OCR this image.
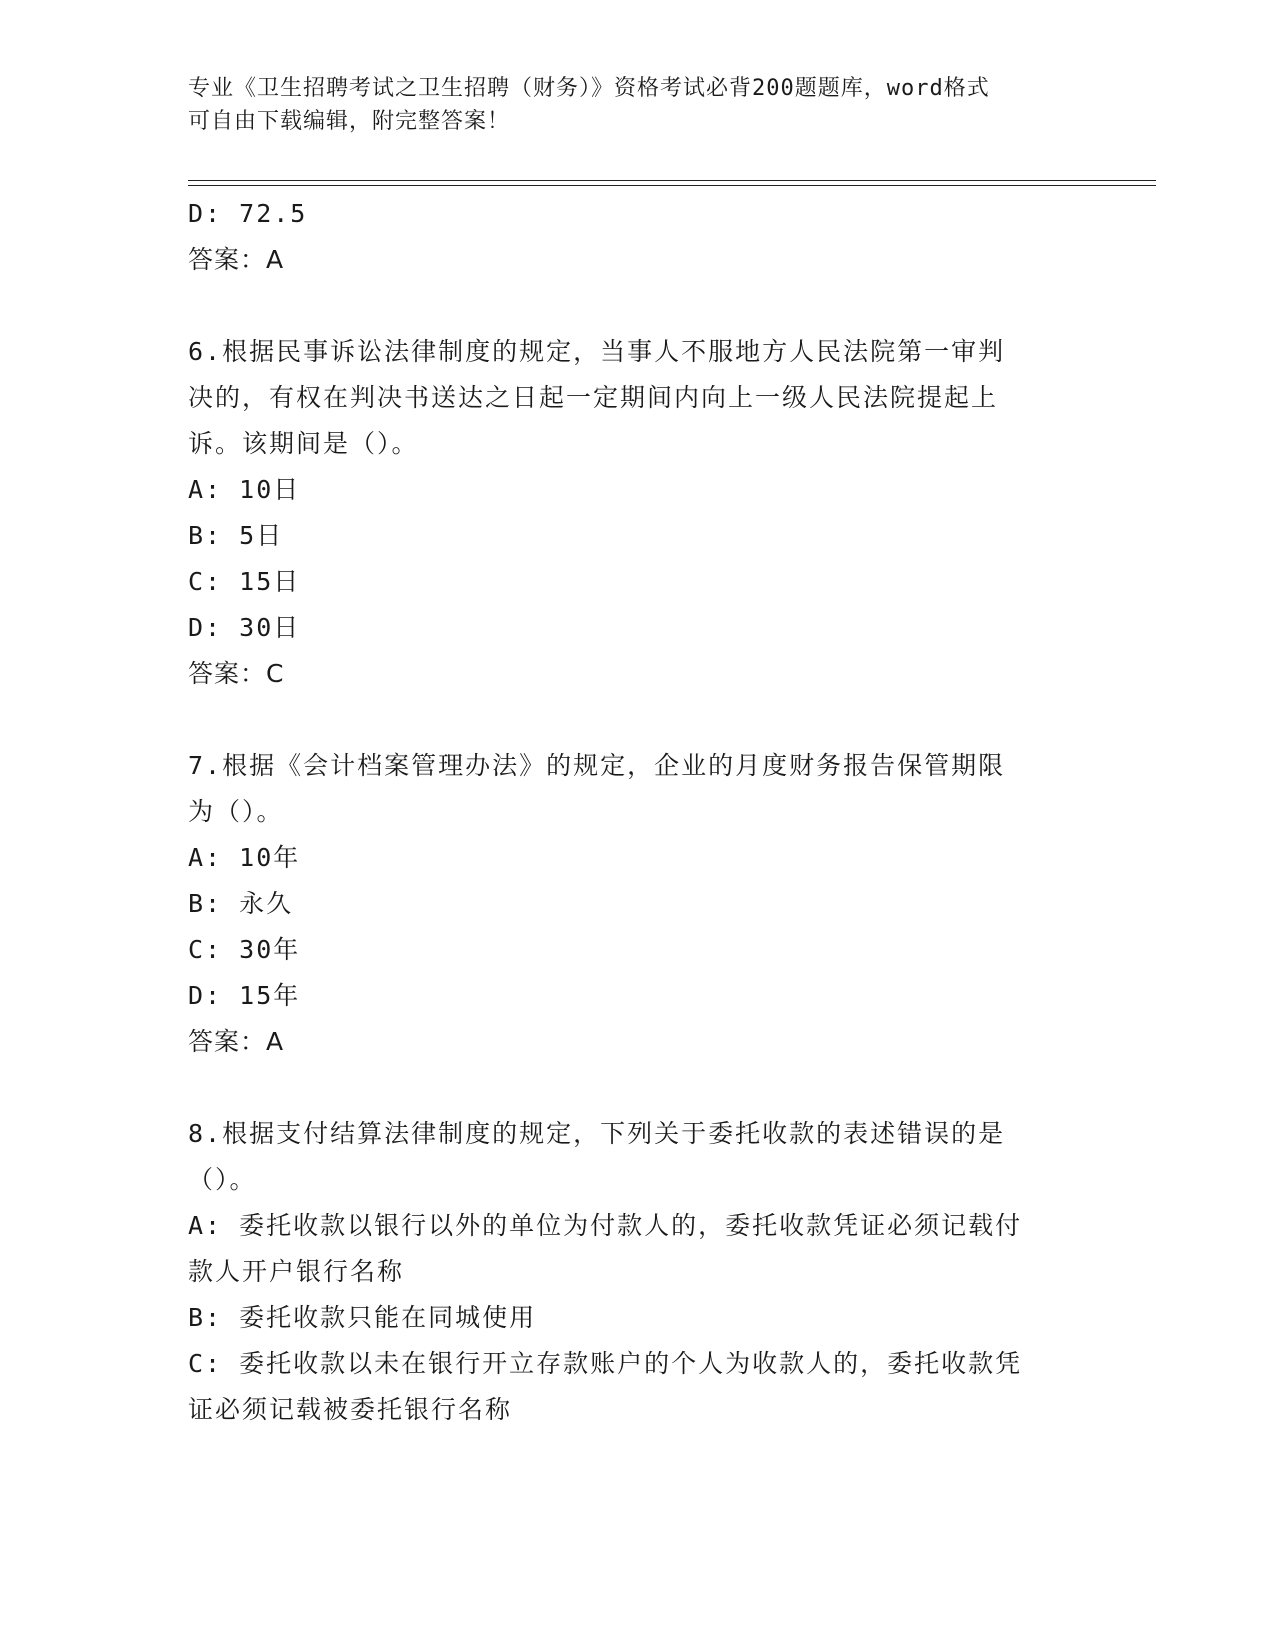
专业《卫生招聘考试之卫生招聘（财务）》资格考试必背200题题库，word格式
可自由下载编辑，附完整答案！
D: 72.5
答案：A
6.根据民事诉讼法律制度的规定，当事人不服地方人民法院第一审判
决的，有权在判决书送达之日起一定期间内向上一级人民法院提起上
诉。该期间是（）。
A: 10日
B: 5日
C: 15日
D: 30日
答案：C
7.根据《会计档案管理办法》的规定，企业的月度财务报告保管期限
为（）。
A: 10年
B: 永久
C: 30年
D: 15年
答案：A
8.根据支付结算法律制度的规定，下列关于委托收款的表述错误的是
（）。
A: 委托收款以银行以外的单位为付款人的，委托收款凭证必须记载付
款人开户银行名称
B: 委托收款只能在同城使用
C: 委托收款以未在银行开立存款账户的个人为收款人的，委托收款凭
证必须记载被委托银行名称
